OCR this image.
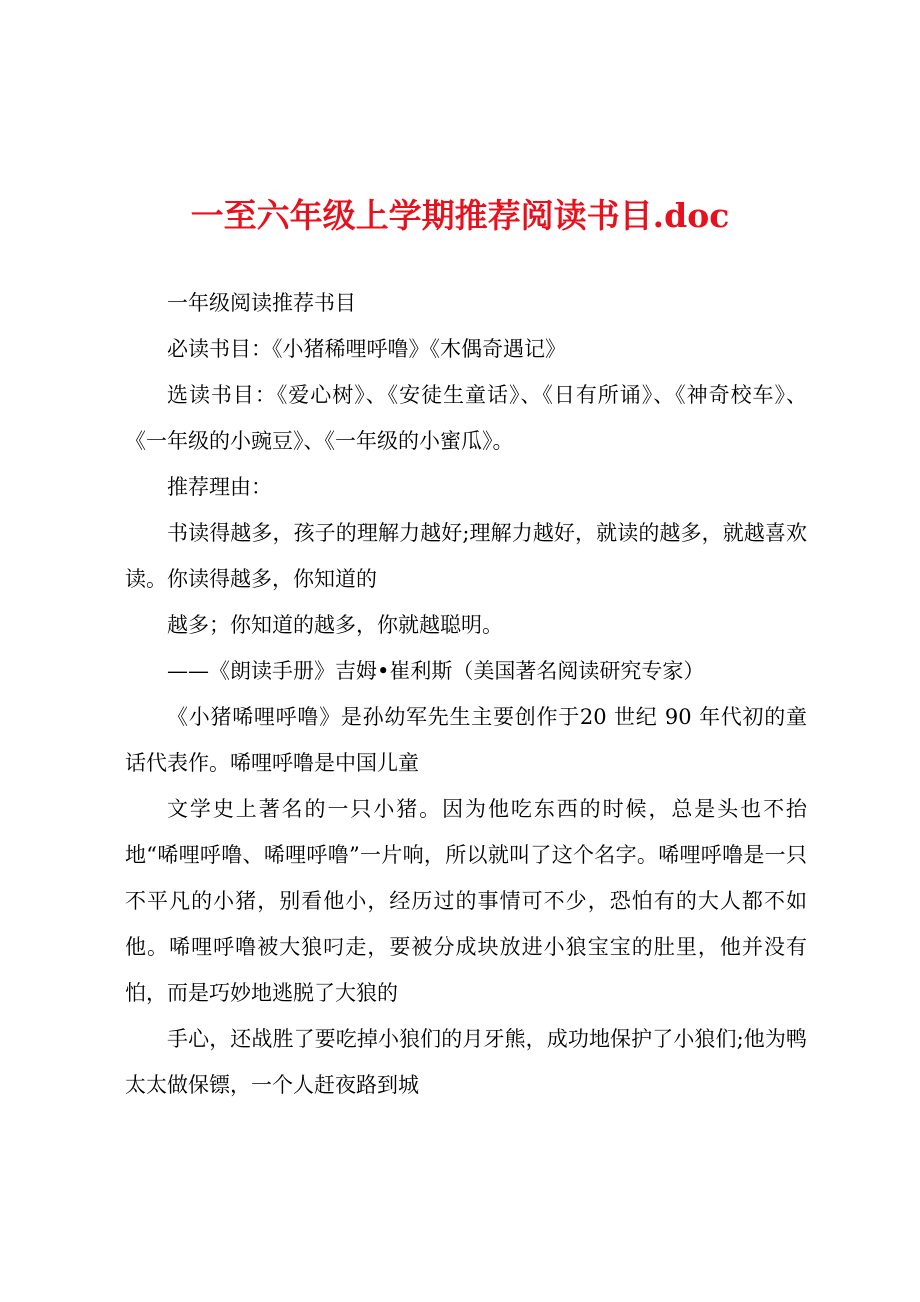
一至六年级上学期推荐阅读书目.doc

一年级阅读推荐书目

必读书目：《小猪稀哩呼噜》《木偶奇遇记》

选读书目：《爱心树》、《安徒生童话》、《日有所诵》、《神奇校车》、《一年级的小豌豆》、《一年级的小蜜瓜》。

推荐理由：

书读得越多，孩子的理解力越好;理解力越好，就读的越多，就越喜欢读。你读得越多，你知道的

越多；你知道的越多，你就越聪明。

——《朗读手册》吉姆•崔利斯（美国著名阅读研究专家）

《小猪唏哩呼噜》是孙幼军先生主要创作于20 世纪 90 年代初的童话代表作。唏哩呼噜是中国儿童

文学史上著名的一只小猪。因为他吃东西的时候，总是头也不抬地“唏哩呼噜、唏哩呼噜”一片响，所以就叫了这个名字。唏哩呼噜是一只不平凡的小猪，别看他小，经历过的事情可不少，恐怕有的大人都不如他。唏哩呼噜被大狼叼走，要被分成块放进小狼宝宝的肚里，他并没有怕，而是巧妙地逃脱了大狼的

手心，还战胜了要吃掉小狼们的月牙熊，成功地保护了小狼们;他为鸭太太做保镖，一个人赶夜路到城
